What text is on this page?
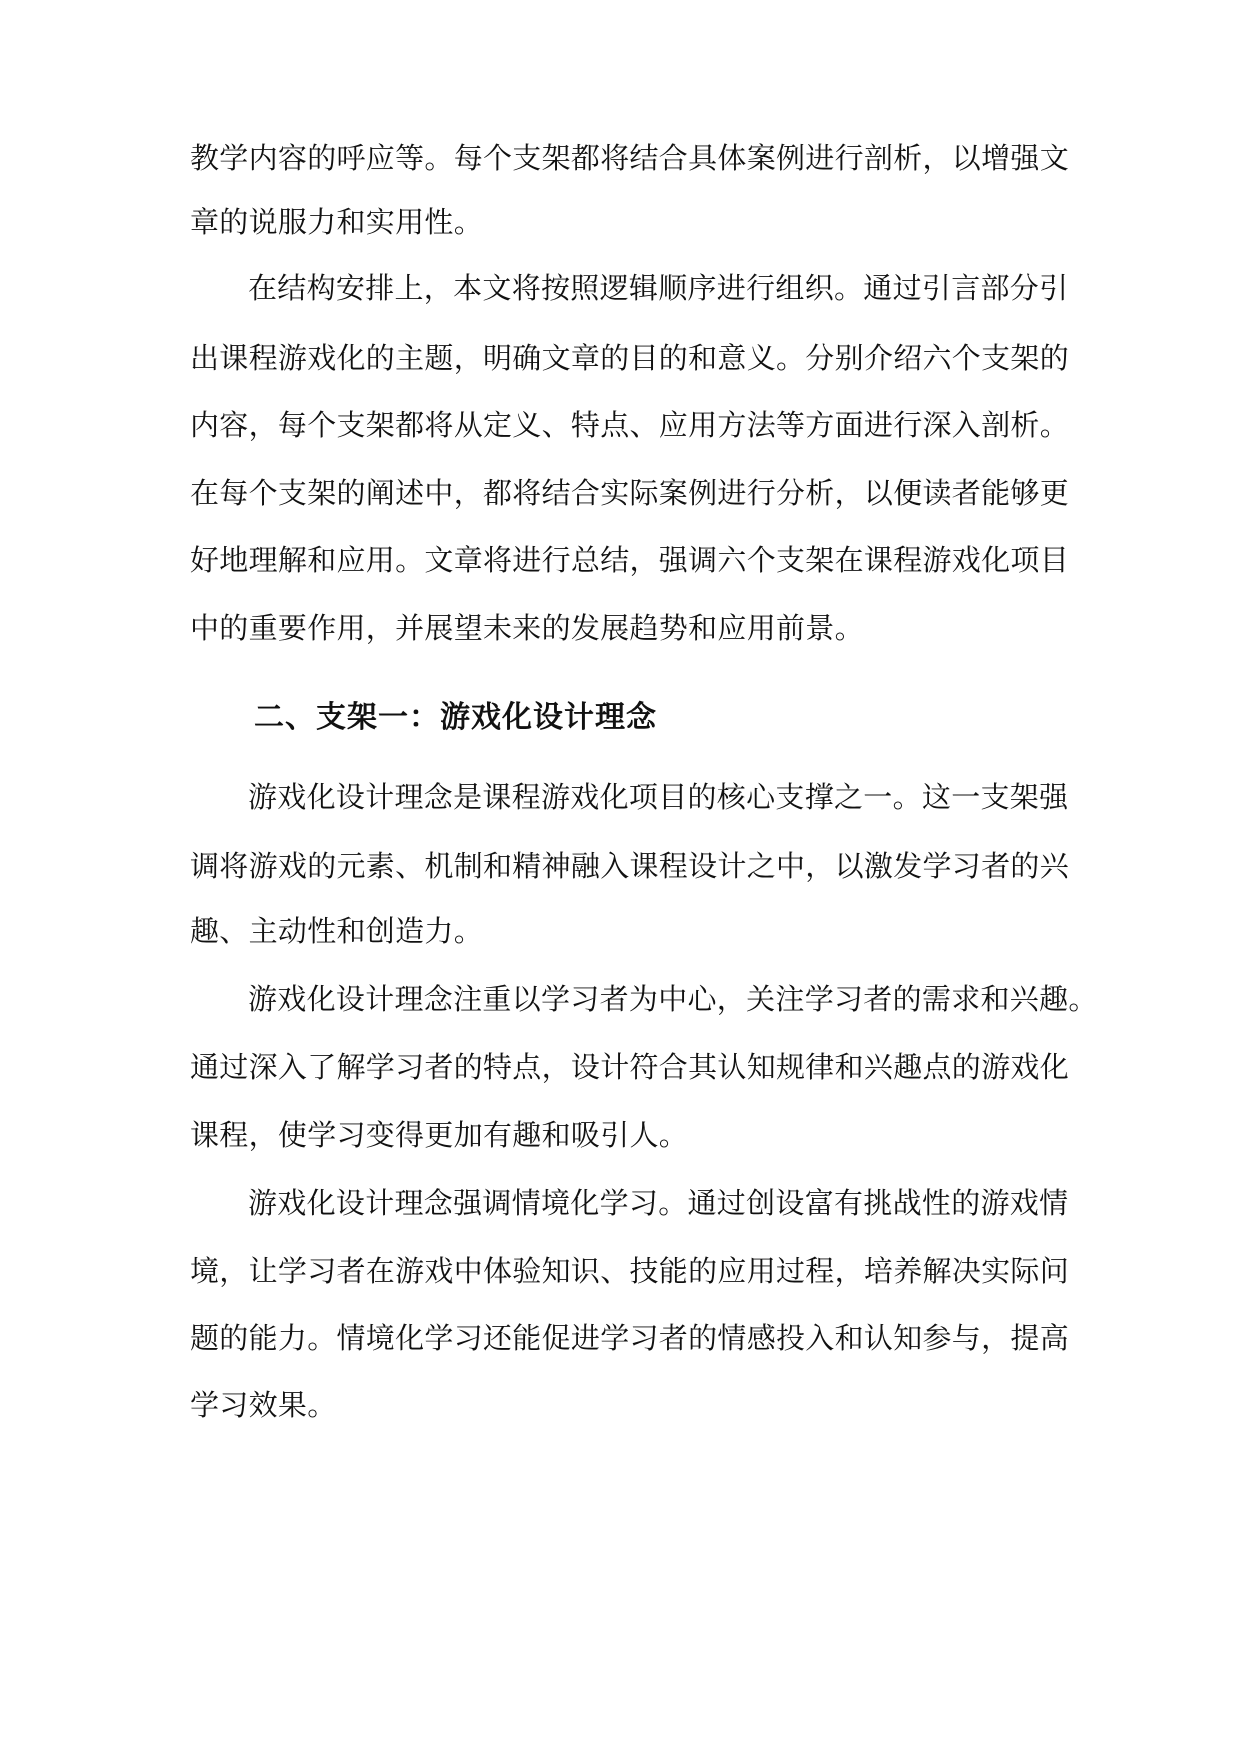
教学内容的呼应等。每个支架都将结合具体案例进行剖析，以增强文
章的说服力和实用性。
在结构安排上，本文将按照逻辑顺序进行组织。通过引言部分引
出课程游戏化的主题，明确文章的目的和意义。分别介绍六个支架的
内容，每个支架都将从定义、特点、应用方法等方面进行深入剖析。
在每个支架的阐述中，都将结合实际案例进行分析，以便读者能够更
好地理解和应用。文章将进行总结，强调六个支架在课程游戏化项目
中的重要作用，并展望未来的发展趋势和应用前景。
二、支架一：游戏化设计理念
游戏化设计理念是课程游戏化项目的核心支撑之一。这一支架强
调将游戏的元素、机制和精神融入课程设计之中，以激发学习者的兴
趣、主动性和创造力。
游戏化设计理念注重以学习者为中心，关注学习者的需求和兴趣。
通过深入了解学习者的特点，设计符合其认知规律和兴趣点的游戏化
课程，使学习变得更加有趣和吸引人。
游戏化设计理念强调情境化学习。通过创设富有挑战性的游戏情
境，让学习者在游戏中体验知识、技能的应用过程，培养解决实际问
题的能力。情境化学习还能促进学习者的情感投入和认知参与，提高
学习效果。
